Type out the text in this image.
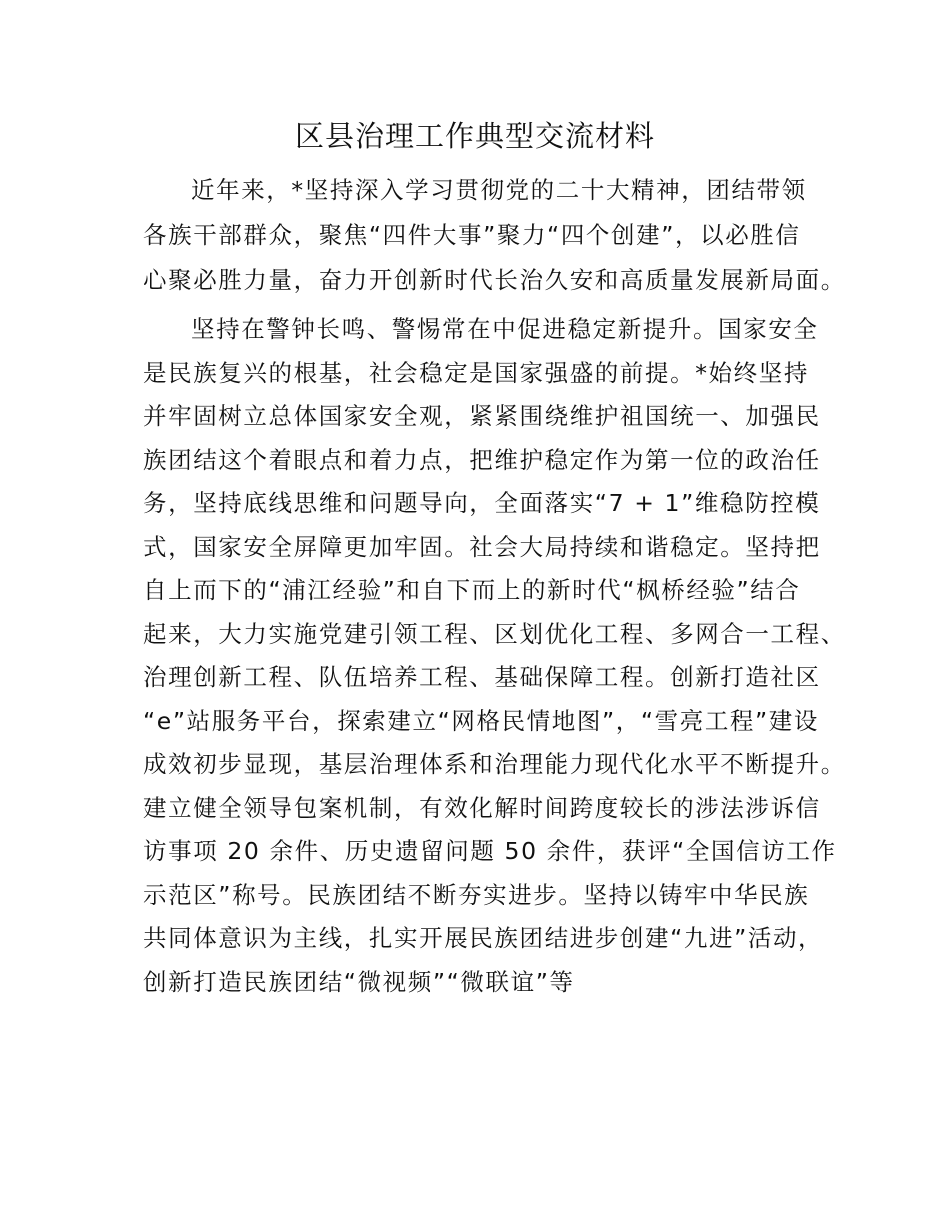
区县治理工作典型交流材料
近年来，*坚持深入学习贯彻党的二十大精神，团结带领
各族干部群众，聚焦“四件大事”聚力“四个创建”，以必胜信
心聚必胜力量，奋力开创新时代长治久安和高质量发展新局面。
坚持在警钟长鸣、警惕常在中促进稳定新提升。国家安全
是民族复兴的根基，社会稳定是国家强盛的前提。*始终坚持
并牢固树立总体国家安全观，紧紧围绕维护祖国统一、加强民
族团结这个着眼点和着力点，把维护稳定作为第一位的政治任
务，坚持底线思维和问题导向，全面落实“7 + 1”维稳防控模
式，国家安全屏障更加牢固。社会大局持续和谐稳定。坚持把
自上而下的“浦江经验”和自下而上的新时代“枫桥经验”结合
起来，大力实施党建引领工程、区划优化工程、多网合一工程、
治理创新工程、队伍培养工程、基础保障工程。创新打造社区
“e”站服务平台，探索建立“网格民情地图”，“雪亮工程”建设
成效初步显现，基层治理体系和治理能力现代化水平不断提升。
建立健全领导包案机制，有效化解时间跨度较长的涉法涉诉信
访事项 20 余件、历史遗留问题 50 余件，获评“全国信访工作
示范区”称号。民族团结不断夯实进步。坚持以铸牢中华民族
共同体意识为主线，扎实开展民族团结进步创建“九进”活动，
创新打造民族团结“微视频”“微联谊”等
